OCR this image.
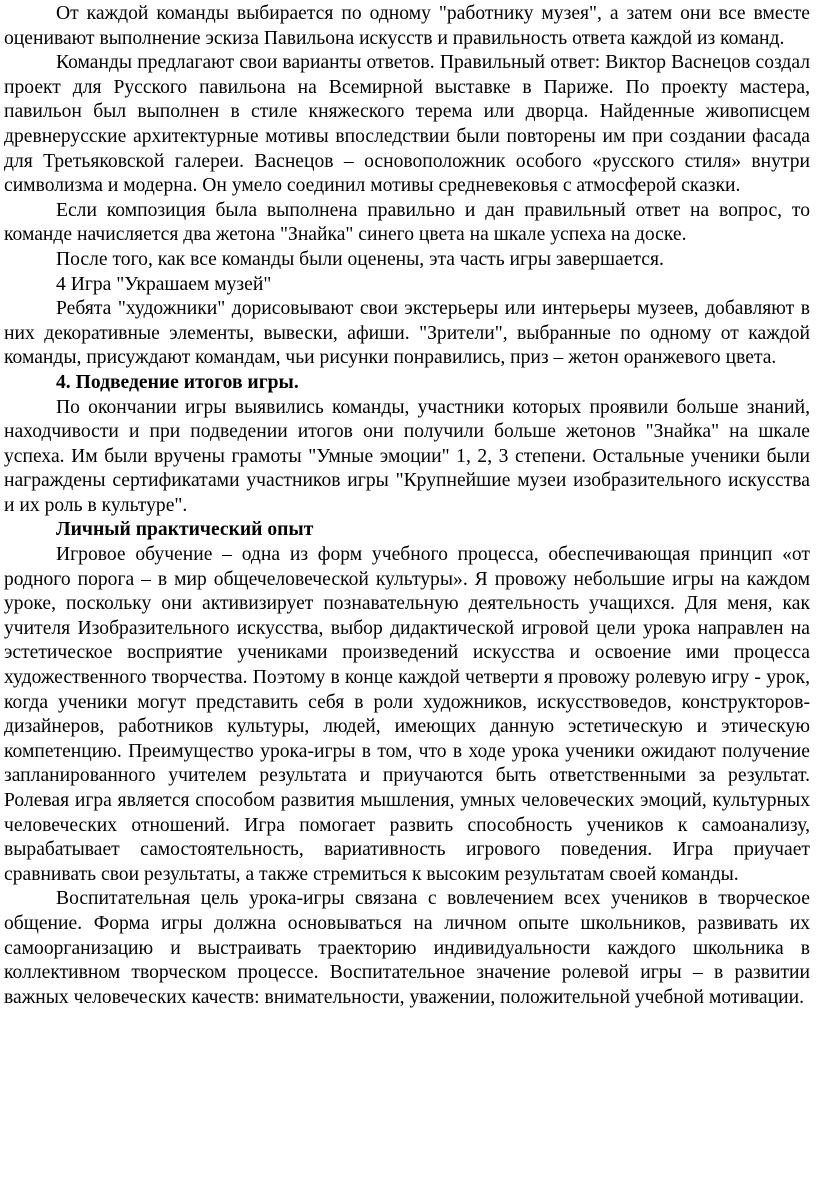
От каждой команды выбирается по одному "работнику музея", а затем они все вместе оценивают выполнение эскиза Павильона искусств и правильность ответа каждой из команд.

Команды предлагают свои варианты ответов. Правильный ответ: Виктор Васнецов создал проект для Русского павильона на Всемирной выставке в Париже. По проекту мастера, павильон был выполнен в стиле княжеского терема или дворца. Найденные живописцем древнерусские архитектурные мотивы впоследствии были повторены им при создании фасада для Третьяковской галереи. Васнецов – основоположник особого «русского стиля» внутри символизма и модерна. Он умело соединил мотивы средневековья с атмосферой сказки.

Если композиция была выполнена правильно и дан правильный ответ на вопрос, то команде начисляется два жетона "Знайка" синего цвета на шкале успеха на доске.

После того, как все команды были оценены, эта часть игры завершается.

4 Игра "Украшаем музей"

Ребята "художники" дорисовывают свои экстерьеры или интерьеры музеев, добавляют в них декоративные элементы, вывески, афиши. "Зрители", выбранные по одному от каждой команды, присуждают командам, чьи рисунки понравились, приз – жетон оранжевого цвета.

4. Подведение итогов игры.

По окончании игры выявились команды, участники которых проявили больше знаний, находчивости и при подведении итогов они получили больше жетонов "Знайка" на шкале успеха. Им были вручены грамоты "Умные эмоции" 1, 2, 3 степени. Остальные ученики были награждены сертификатами участников игры "Крупнейшие музеи изобразительного искусства и их роль в культуре".

Личный практический опыт

Игровое обучение – одна из форм учебного процесса, обеспечивающая принцип «от родного порога – в мир общечеловеческой культуры». Я провожу небольшие игры на каждом уроке, поскольку они активизирует познавательную деятельность учащихся. Для меня, как учителя Изобразительного искусства, выбор дидактической игровой цели урока направлен на эстетическое восприятие учениками произведений искусства и освоение ими процесса художественного творчества. Поэтому в конце каждой четверти я провожу ролевую игру - урок, когда ученики могут представить себя в роли художников, искусствоведов, конструкторов-дизайнеров, работников культуры, людей, имеющих данную эстетическую и этическую компетенцию. Преимущество урока-игры в том, что в ходе урока ученики ожидают получение запланированного учителем результата и приучаются быть ответственными за результат. Ролевая игра является способом развития мышления, умных человеческих эмоций, культурных человеческих отношений. Игра помогает развить способность учеников к самоанализу, вырабатывает самостоятельность, вариативность игрового поведения. Игра приучает сравнивать свои результаты, а также стремиться к высоким результатам своей команды.

Воспитательная цель урока-игры связана с вовлечением всех учеников в творческое общение. Форма игры должна основываться на личном опыте школьников, развивать их самоорганизацию и выстраивать траекторию индивидуальности каждого школьника в коллективном творческом процессе. Воспитательное значение ролевой игры – в развитии важных человеческих качеств: внимательности, уважении, положительной учебной мотивации.
